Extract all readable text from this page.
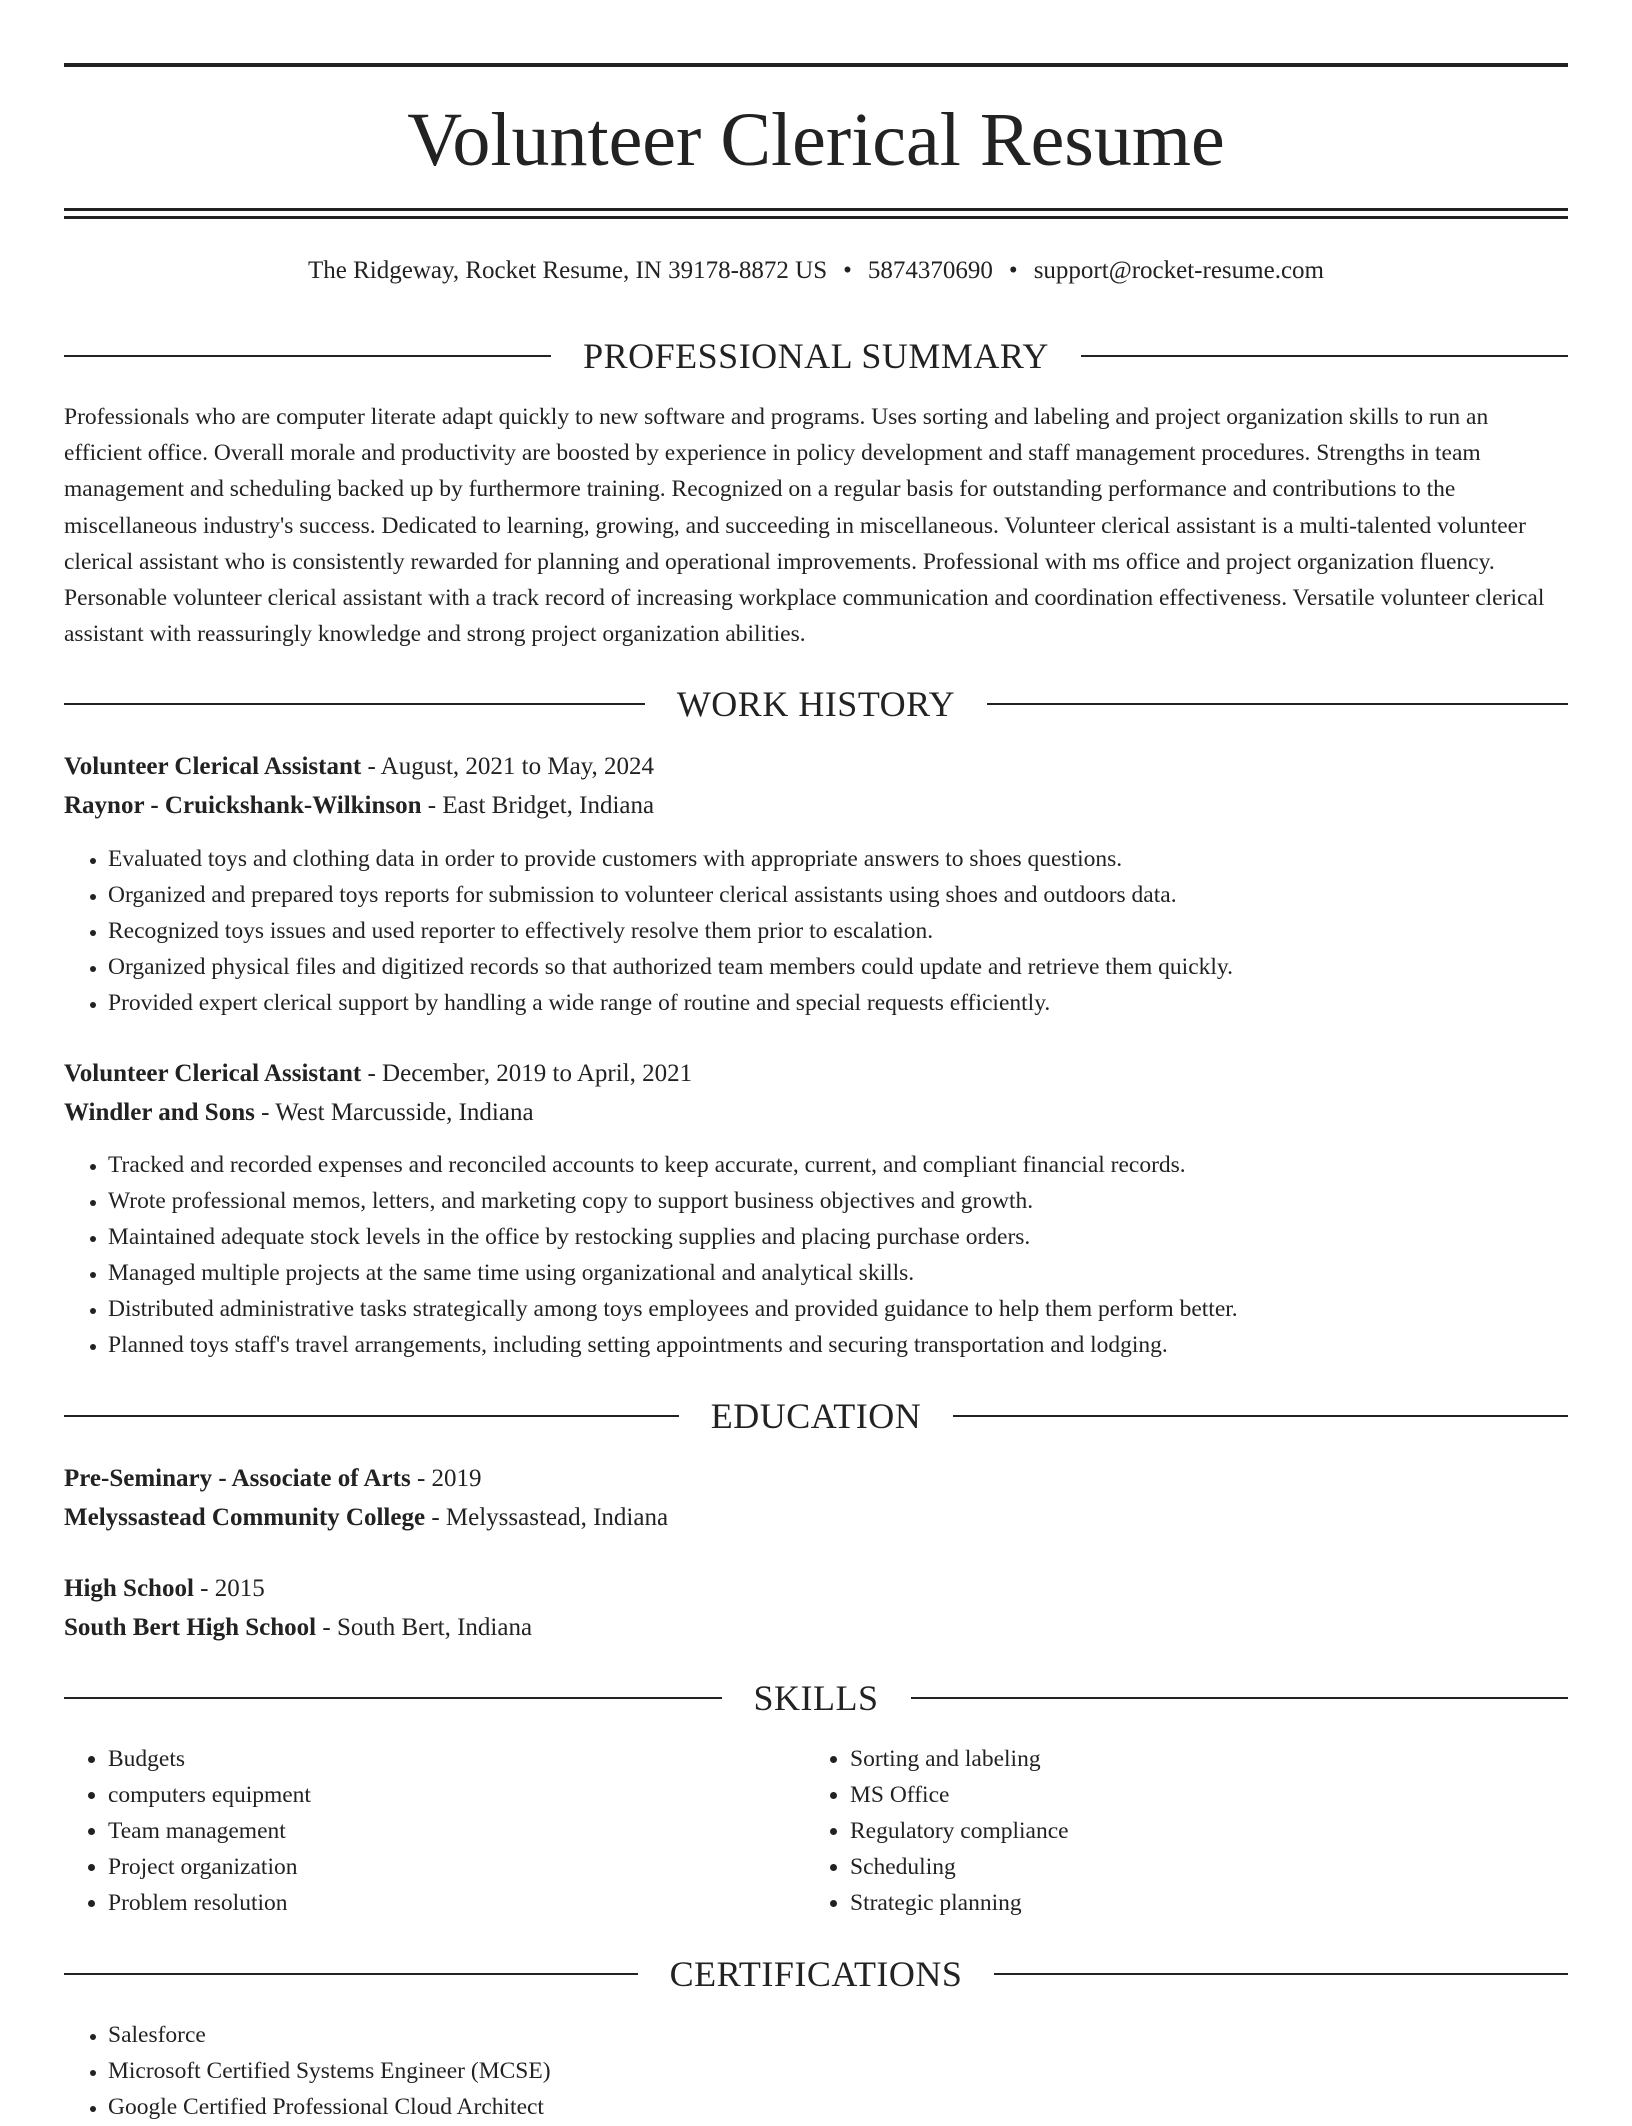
Volunteer Clerical Resume
The Ridgeway, Rocket Resume, IN 39178-8872 US • 5874370690 • support@rocket-resume.com
PROFESSIONAL SUMMARY

Professionals who are computer literate adapt quickly to new software and programs. Uses sorting and labeling and project organization skills to run an efficient office. Overall morale and productivity are boosted by experience in policy development and staff management procedures. Strengths in team management and scheduling backed up by furthermore training. Recognized on a regular basis for outstanding performance and contributions to the miscellaneous industry's success. Dedicated to learning, growing, and succeeding in miscellaneous. Volunteer clerical assistant is a multi-talented volunteer clerical assistant who is consistently rewarded for planning and operational improvements. Professional with ms office and project organization fluency. Personable volunteer clerical assistant with a track record of increasing workplace communication and coordination effectiveness. Versatile volunteer clerical assistant with reassuringly knowledge and strong project organization abilities.

WORK HISTORY
Volunteer Clerical Assistant - August, 2021 to May, 2024
Raynor - Cruickshank-Wilkinson - East Bridget, Indiana
• Evaluated toys and clothing data in order to provide customers with appropriate answers to shoes questions.
• Organized and prepared toys reports for submission to volunteer clerical assistants using shoes and outdoors data.
• Recognized toys issues and used reporter to effectively resolve them prior to escalation.
• Organized physical files and digitized records so that authorized team members could update and retrieve them quickly.
• Provided expert clerical support by handling a wide range of routine and special requests efficiently.
Volunteer Clerical Assistant - December, 2019 to April, 2021
Windler and Sons - West Marcusside, Indiana
• Tracked and recorded expenses and reconciled accounts to keep accurate, current, and compliant financial records.
• Wrote professional memos, letters, and marketing copy to support business objectives and growth.
• Maintained adequate stock levels in the office by restocking supplies and placing purchase orders.
• Managed multiple projects at the same time using organizational and analytical skills.
• Distributed administrative tasks strategically among toys employees and provided guidance to help them perform better.
• Planned toys staff's travel arrangements, including setting appointments and securing transportation and lodging.
EDUCATION
Pre-Seminary - Associate of Arts - 2019
Melyssastead Community College - Melyssastead, Indiana
High School - 2015
South Bert High School - South Bert, Indiana
SKILLS
• Budgets
• computers equipment
• Team management
• Project organization
• Problem resolution
• Sorting and labeling
• MS Office
• Regulatory compliance
• Scheduling
• Strategic planning
CERTIFICATIONS
• Salesforce
• Microsoft Certified Systems Engineer (MCSE)
• Google Certified Professional Cloud Architect
